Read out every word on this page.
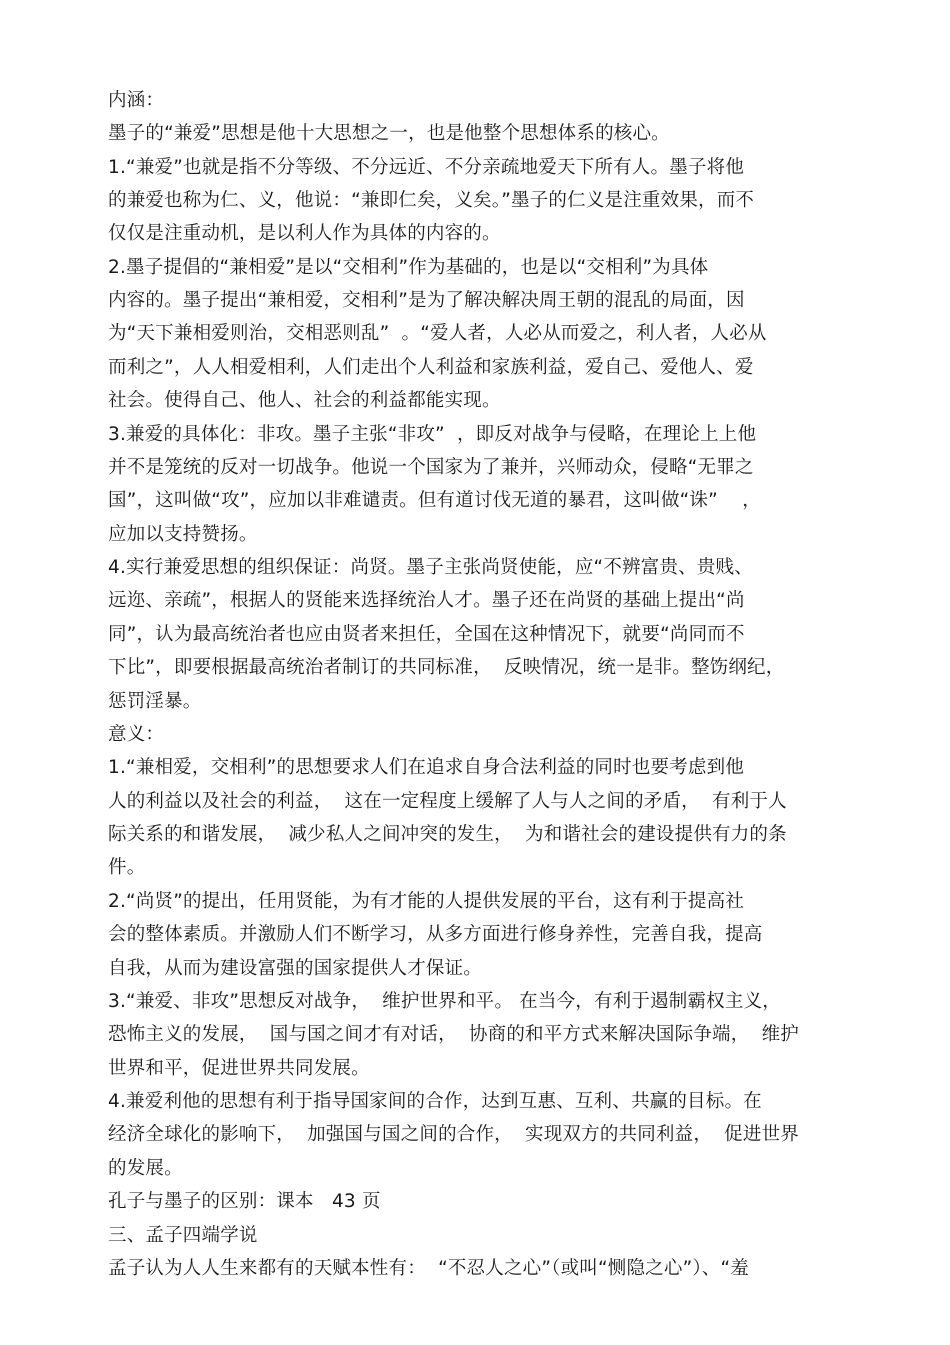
内涵：

墨子的“兼爱”思想是他十大思想之一，也是他整个思想体系的核心。

1.“兼爱”也就是指不分等级、不分远近、不分亲疏地爱天下所有人。墨子将他

的兼爱也称为仁、义，他说：“兼即仁矣，义矣。”墨子的仁义是注重效果，而不

仅仅是注重动机，是以利人作为具体的内容的。

2.墨子提倡的“兼相爱”是以“交相利”作为基础的，也是以“交相利”为具体

内容的。墨子提出“兼相爱，交相利”是为了解决解决周王朝的混乱的局面，因

为“天下兼相爱则治，交相恶则乱”  。“爱人者，人必从而爱之，利人者，人必从

而利之”，人人相爱相利，人们走出个人利益和家族利益，爱自己、爱他人、爱

社会。使得自己、他人、社会的利益都能实现。

3.兼爱的具体化：非攻。墨子主张“非攻”  ，即反对战争与侵略，在理论上上他

并不是笼统的反对一切战争。他说一个国家为了兼并，兴师动众，侵略“无罪之

国”，这叫做“攻”，应加以非难谴责。但有道讨伐无道的暴君，这叫做“诛”    ，

应加以支持赞扬。

4.实行兼爱思想的组织保证：尚贤。墨子主张尚贤使能，应“不辨富贵、贵贱、

远迩、亲疏”，根据人的贤能来选择统治人才。墨子还在尚贤的基础上提出“尚

同”，认为最高统治者也应由贤者来担任，全国在这种情况下，就要“尚同而不

下比”，即要根据最高统治者制订的共同标准，  反映情况，统一是非。整饬纲纪，

惩罚淫暴。

意义：

1.“兼相爱，交相利”的思想要求人们在追求自身合法利益的同时也要考虑到他

人的利益以及社会的利益，  这在一定程度上缓解了人与人之间的矛盾，  有利于人

际关系的和谐发展，  减少私人之间冲突的发生，  为和谐社会的建设提供有力的条

件。

2.“尚贤”的提出，任用贤能，为有才能的人提供发展的平台，这有利于提高社

会的整体素质。并激励人们不断学习，从多方面进行修身养性，完善自我，提高

自我，从而为建设富强的国家提供人才保证。

3.“兼爱、非攻”思想反对战争，  维护世界和平。 在当今，有利于遏制霸权主义，

恐怖主义的发展，  国与国之间才有对话，  协商的和平方式来解决国际争端，  维护

世界和平，促进世界共同发展。

4.兼爱利他的思想有利于指导国家间的合作，达到互惠、互利、共赢的目标。在

经济全球化的影响下，  加强国与国之间的合作，  实现双方的共同利益，  促进世界

的发展。

孔子与墨子的区别：课本   43 页

三、孟子四端学说

孟子认为人人生来都有的天赋本性有：  “不忍人之心”（或叫“恻隐之心”）、“羞
